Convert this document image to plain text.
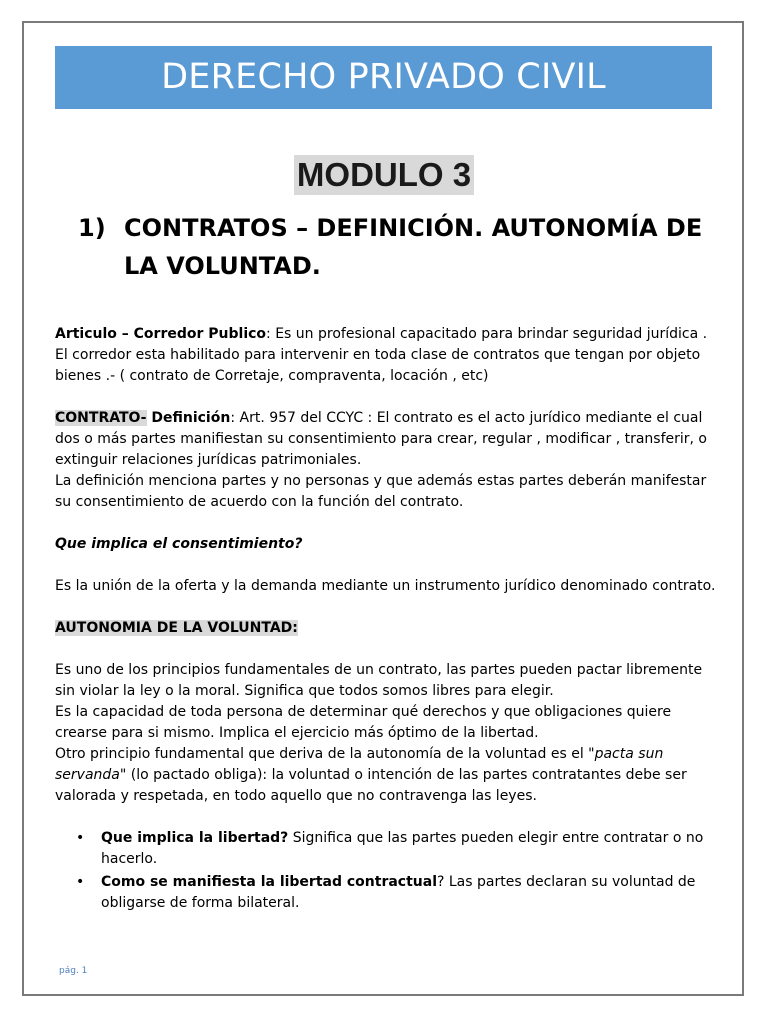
DERECHO PRIVADO CIVIL
MODULO 3
1) CONTRATOS – DEFINICIÓN. AUTONOMÍA DE LA VOLUNTAD.

Articulo – Corredor Publico: Es un profesional capacitado para brindar seguridad jurídica . El corredor esta habilitado para intervenir en toda clase de contratos que tengan por objeto bienes .- ( contrato de Corretaje, compraventa, locación , etc)

CONTRATO- Definición: Art. 957 del CCYC : El contrato es el acto jurídico mediante el cual dos o más partes manifiestan su consentimiento para crear, regular , modificar , transferir, o extinguir relaciones jurídicas patrimoniales.

La definición menciona partes y no personas y que además estas partes deberán manifestar su consentimiento de acuerdo con la función del contrato.

Que implica el consentimiento?

Es la unión de la oferta y la demanda mediante un instrumento jurídico denominado contrato.

AUTONOMIA DE LA VOLUNTAD:

Es uno de los principios fundamentales de un contrato, las partes pueden pactar libremente sin violar la ley o la moral. Significa que todos somos libres para elegir.

Es la capacidad de toda persona de determinar qué derechos y que obligaciones quiere crearse para si mismo. Implica el ejercicio más óptimo de la libertad.

Otro principio fundamental que deriva de la autonomía de la voluntad es el "pacta sun servanda" (lo pactado obliga): la voluntad o intención de las partes contratantes debe ser valorada y respetada, en todo aquello que no contravenga las leyes.

• Que implica la libertad? Significa que las partes pueden elegir entre contratar o no hacerlo.
• Como se manifiesta la libertad contractual? Las partes declaran su voluntad de obligarse de forma bilateral.
pág. 1
